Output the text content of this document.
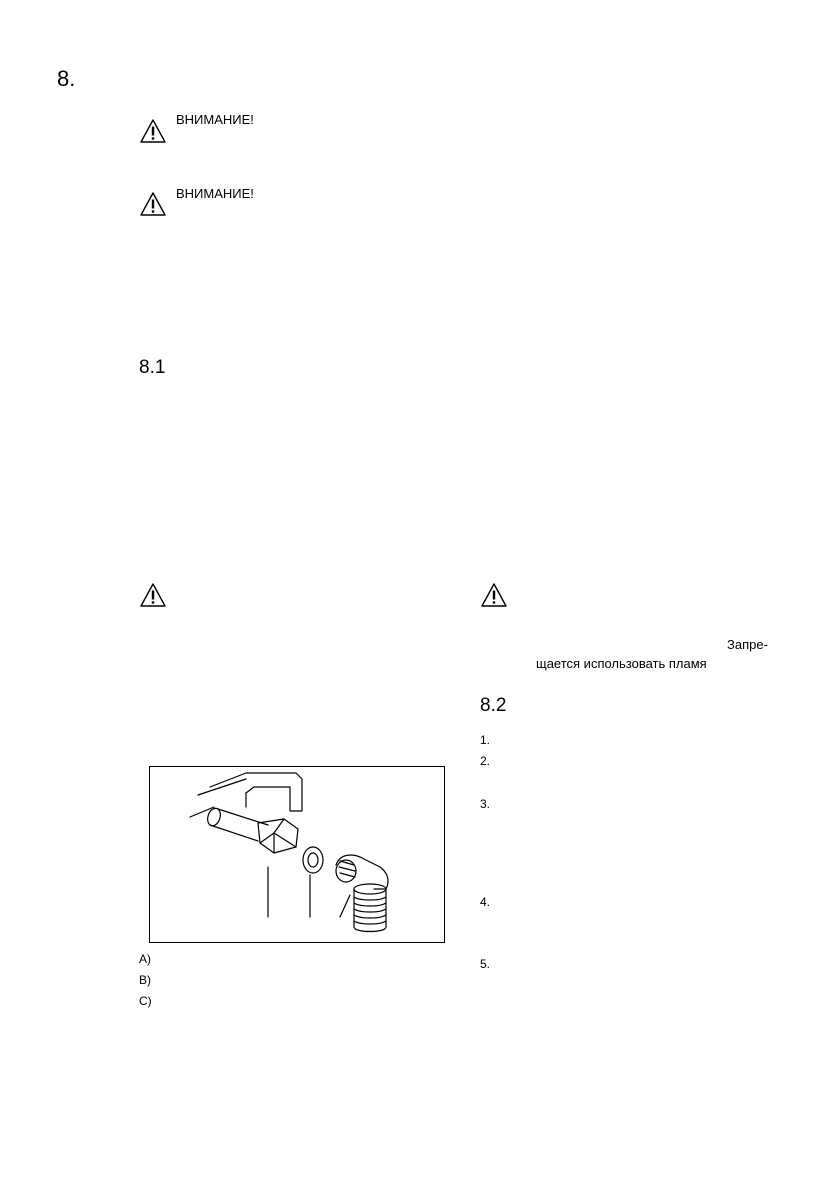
8.
ВНИМАНИЕ!
ВНИМАНИЕ!
8.1
Запре-
щается использовать пламя
8.2
1.
2.
3.
4.
5.
A)
B)
C)
